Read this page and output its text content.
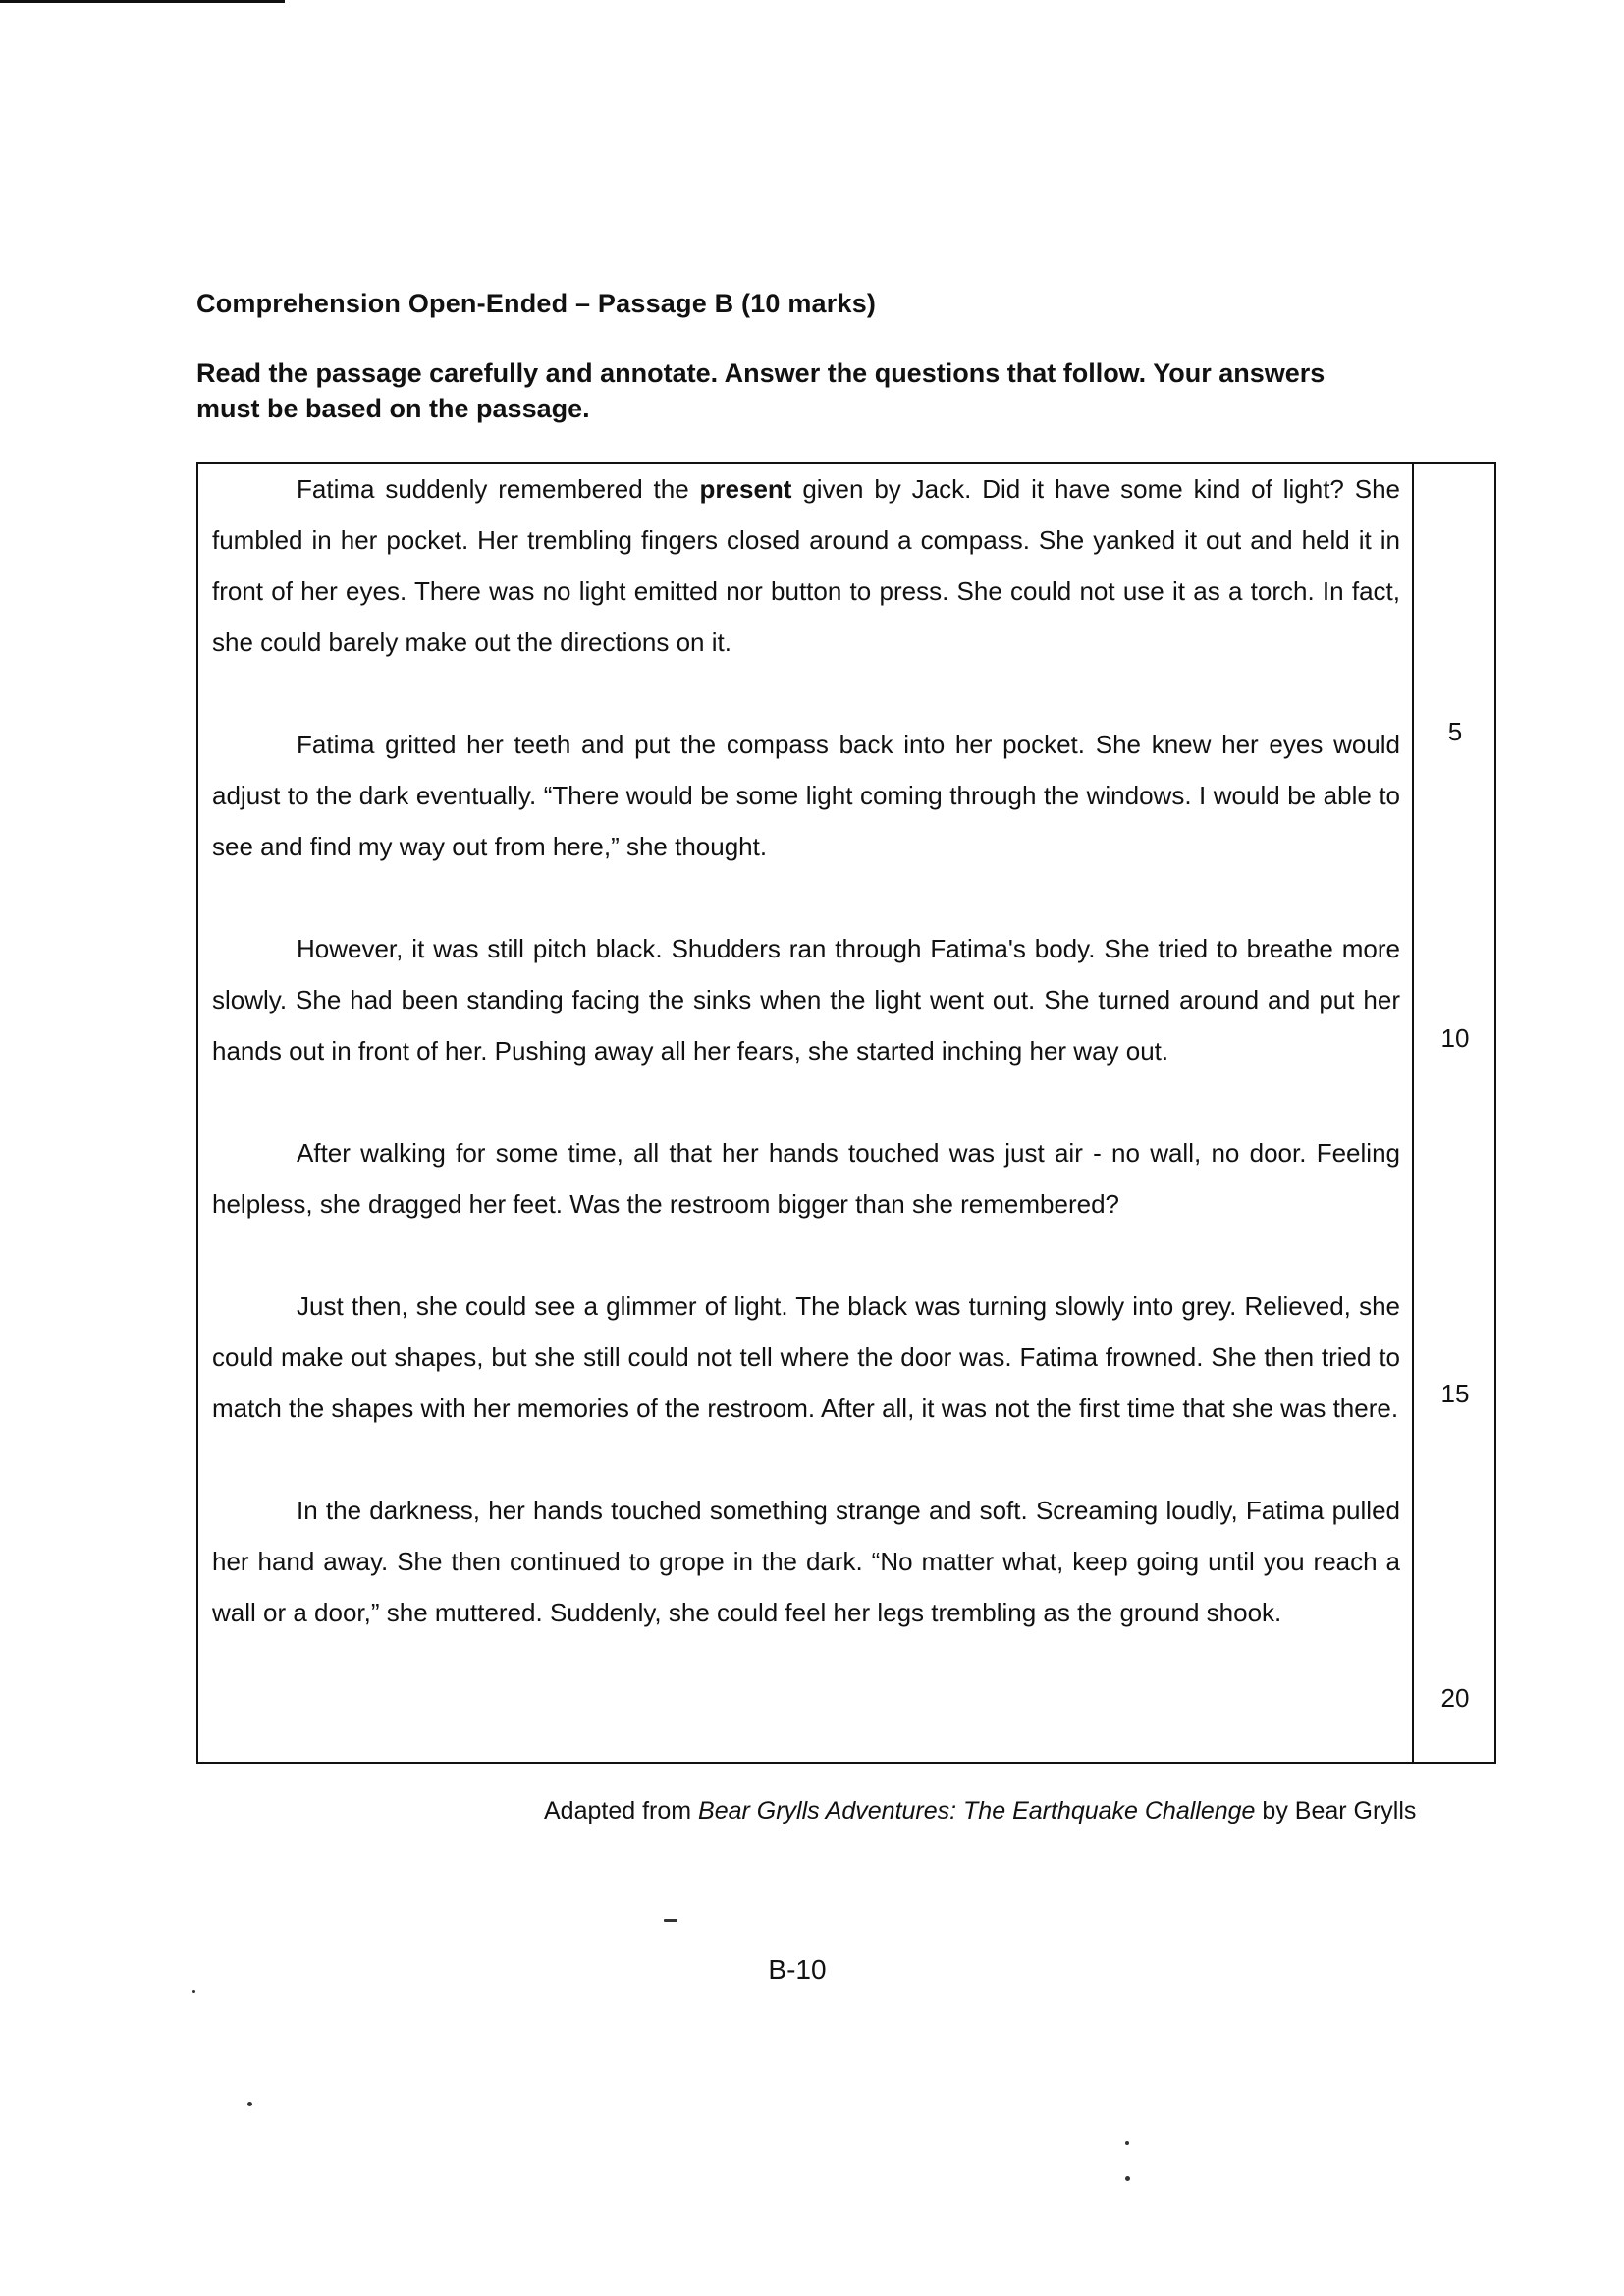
Comprehension Open-Ended – Passage B (10 marks)
Read the passage carefully and annotate. Answer the questions that follow. Your answers must be based on the passage.

Fatima suddenly remembered the present given by Jack. Did it have some kind of light? She fumbled in her pocket. Her trembling fingers closed around a compass. She yanked it out and held it in front of her eyes. There was no light emitted nor button to press. She could not use it as a torch. In fact, she could barely make out the directions on it.

Fatima gritted her teeth and put the compass back into her pocket. She knew her eyes would adjust to the dark eventually. “There would be some light coming through the windows. I would be able to see and find my way out from here,” she thought.

However, it was still pitch black. Shudders ran through Fatima's body. She tried to breathe more slowly. She had been standing facing the sinks when the light went out. She turned around and put her hands out in front of her. Pushing away all her fears, she started inching her way out.

After walking for some time, all that her hands touched was just air - no wall, no door. Feeling helpless, she dragged her feet. Was the restroom bigger than she remembered?

Just then, she could see a glimmer of light. The black was turning slowly into grey. Relieved, she could make out shapes, but she still could not tell where the door was. Fatima frowned. She then tried to match the shapes with her memories of the restroom. After all, it was not the first time that she was there.

In the darkness, her hands touched something strange and soft. Screaming loudly, Fatima pulled her hand away. She then continued to grope in the dark. “No matter what, keep going until you reach a wall or a door,” she muttered. Suddenly, she could feel her legs trembling as the ground shook.

5
10
15
20
Adapted from Bear Grylls Adventures: The Earthquake Challenge by Bear Grylls
B-10
